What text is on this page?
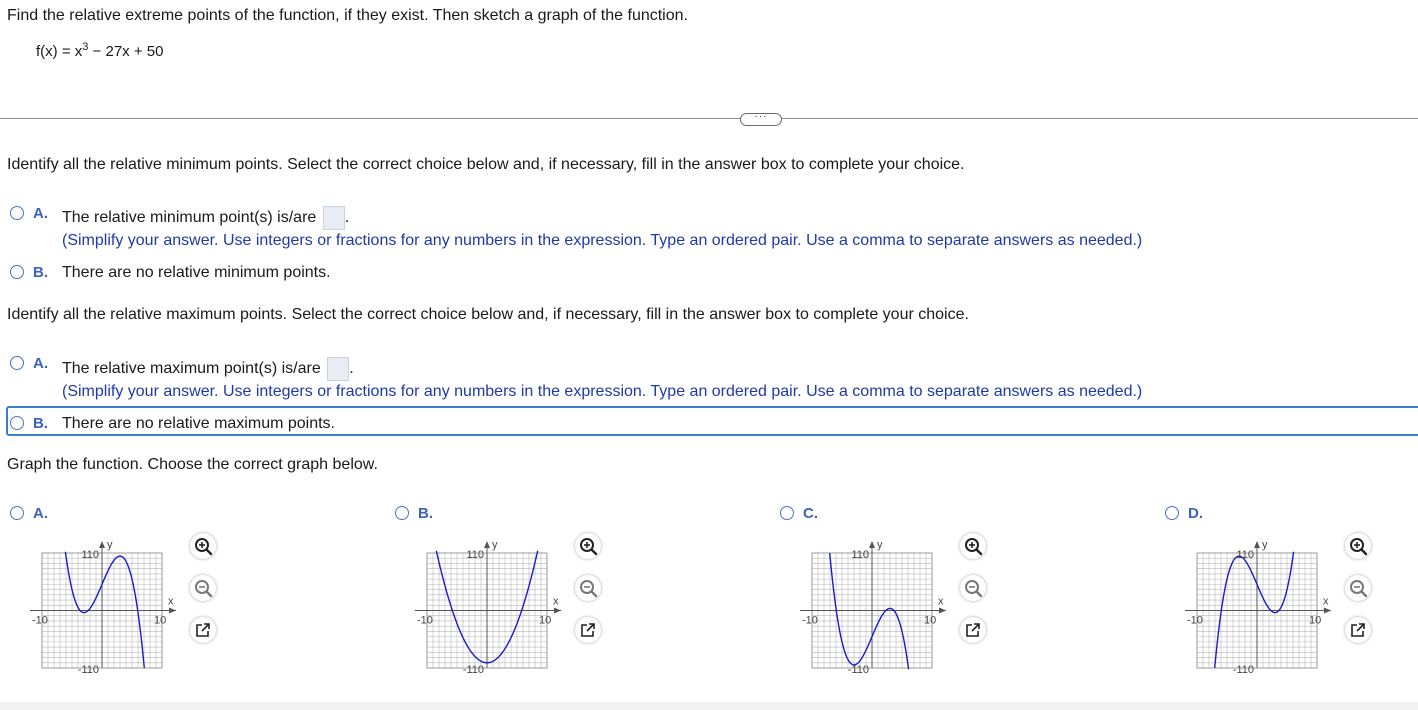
Find the relative extreme points of the function, if they exist. Then sketch a graph of the function.
$f(x) = x^3 - 27x + 50$
···
Identify all the relative minimum points. Select the correct choice below and, if necessary, fill in the answer box to complete your choice.
A. The relative minimum point(s) is/are .
(Simplify your answer. Use integers or fractions for any numbers in the expression. Type an ordered pair. Use a comma to separate answers as needed.)
B. There are no relative minimum points.
Identify all the relative maximum points. Select the correct choice below and, if necessary, fill in the answer box to complete your choice.
A. The relative maximum point(s) is/are .
(Simplify your answer. Use integers or fractions for any numbers in the expression. Type an ordered pair. Use a comma to separate answers as needed.)
B. There are no relative maximum points.
Graph the function. Choose the correct graph below.
A.
y
x
110
-110
-10	10
B.
y
x
110
-110
-10	10
C.
y
x
110
-110
-10	10
D.
y
x
110
-110
-10	10
